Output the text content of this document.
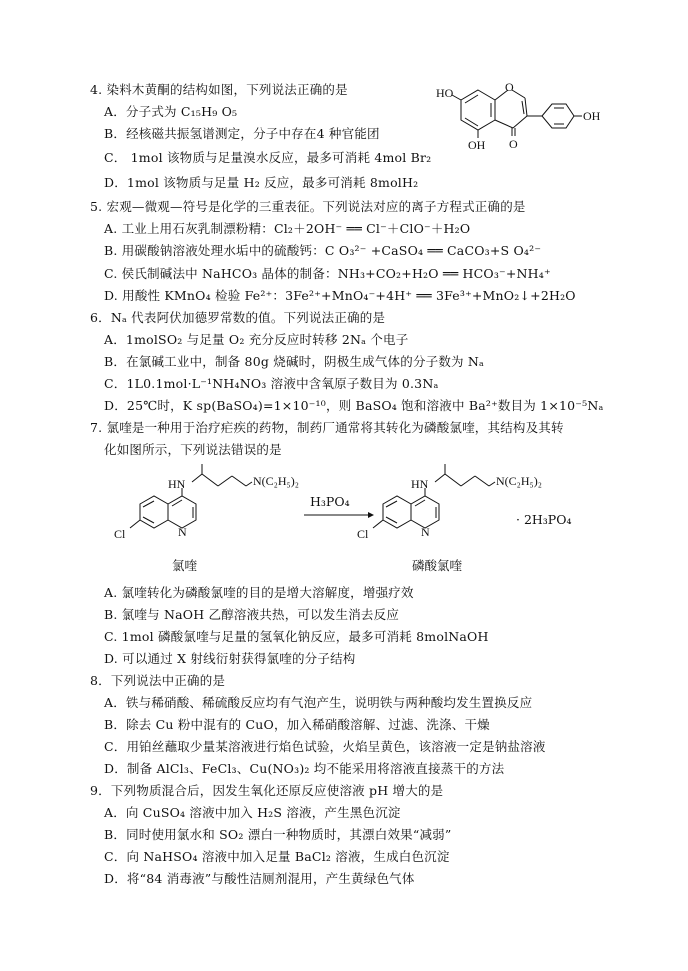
4. 染料木黄酮的结构如图，下列说法正确的是
A．分子式为 C₁₅H₉ O₅
B．经核磁共振氢谱测定，分子中存在4 种官能团
C． 1mol 该物质与足量溴水反应，最多可消耗 4mol Br₂
D．1mol 该物质与足量 H₂ 反应，最多可消耗 8molH₂
HO	O
O
OH
OH
5. 宏观—微观—符号是化学的三重表征。下列说法对应的离子方程式正确的是
A. 工业上用石灰乳制漂粉精：Cl₂＋2OH⁻ ══ Cl⁻＋ClO⁻＋H₂O
B. 用碳酸钠溶液处理水垢中的硫酸钙：C O₃²⁻ +CaSO₄ ══ CaCO₃+S O₄²⁻
C. 侯氏制碱法中 NaHCO₃ 晶体的制备：NH₃+CO₂+H₂O ══ HCO₃⁻+NH₄⁺
D. 用酸性 KMnO₄ 检验 Fe²⁺：3Fe²⁺+MnO₄⁻+4H⁺ ══ 3Fe³⁺+MnO₂↓+2H₂O
6．Nₐ 代表阿伏加德罗常数的值。下列说法正确的是
A．1molSO₂ 与足量 O₂ 充分反应时转移 2Nₐ 个电子
B．在氯碱工业中，制备 80g 烧碱时，阴极生成气体的分子数为 Nₐ
C．1L0.1mol·L⁻¹NH₄NO₃ 溶液中含氧原子数目为 0.3Nₐ
D．25℃时，K sp(BaSO₄)=1×10⁻¹⁰，则 BaSO₄ 饱和溶液中 Ba²⁺数目为 1×10⁻⁵Nₐ
7. 氯喹是一种用于治疗疟疾的药物，制药厂通常将其转化为磷酸氯喹，其结构及其转
化如图所示，下列说法错误的是
HN
N
Cl
N(C₂H₅)₂
H₃PO₄
HN
N
Cl
N(C₂H₅)₂
· 2H₃PO₄
氯喹	磷酸氯喹
A. 氯喹转化为磷酸氯喹的目的是增大溶解度，增强疗效
B. 氯喹与 NaOH 乙醇溶液共热，可以发生消去反应
C. 1mol 磷酸氯喹与足量的氢氧化钠反应，最多可消耗 8molNaOH
D. 可以通过 X 射线衍射获得氯喹的分子结构
8．下列说法中正确的是
A．铁与稀硝酸、稀硫酸反应均有气泡产生，说明铁与两种酸均发生置换反应
B．除去 Cu 粉中混有的 CuO，加入稀硝酸溶解、过滤、洗涤、干燥
C．用铂丝蘸取少量某溶液进行焰色试验，火焰呈黄色，该溶液一定是钠盐溶液
D．制备 AlCl₃、FeCl₃、Cu(NO₃)₂ 均不能采用将溶液直接蒸干的方法
9．下列物质混合后，因发生氧化还原反应使溶液 pH 增大的是
A．向 CuSO₄ 溶液中加入 H₂S 溶液，产生黑色沉淀
B．同时使用氯水和 SO₂ 漂白一种物质时，其漂白效果“减弱”
C．向 NaHSO₄ 溶液中加入足量 BaCl₂ 溶液，生成白色沉淀
D．将“84 消毒液”与酸性洁厕剂混用，产生黄绿色气体
